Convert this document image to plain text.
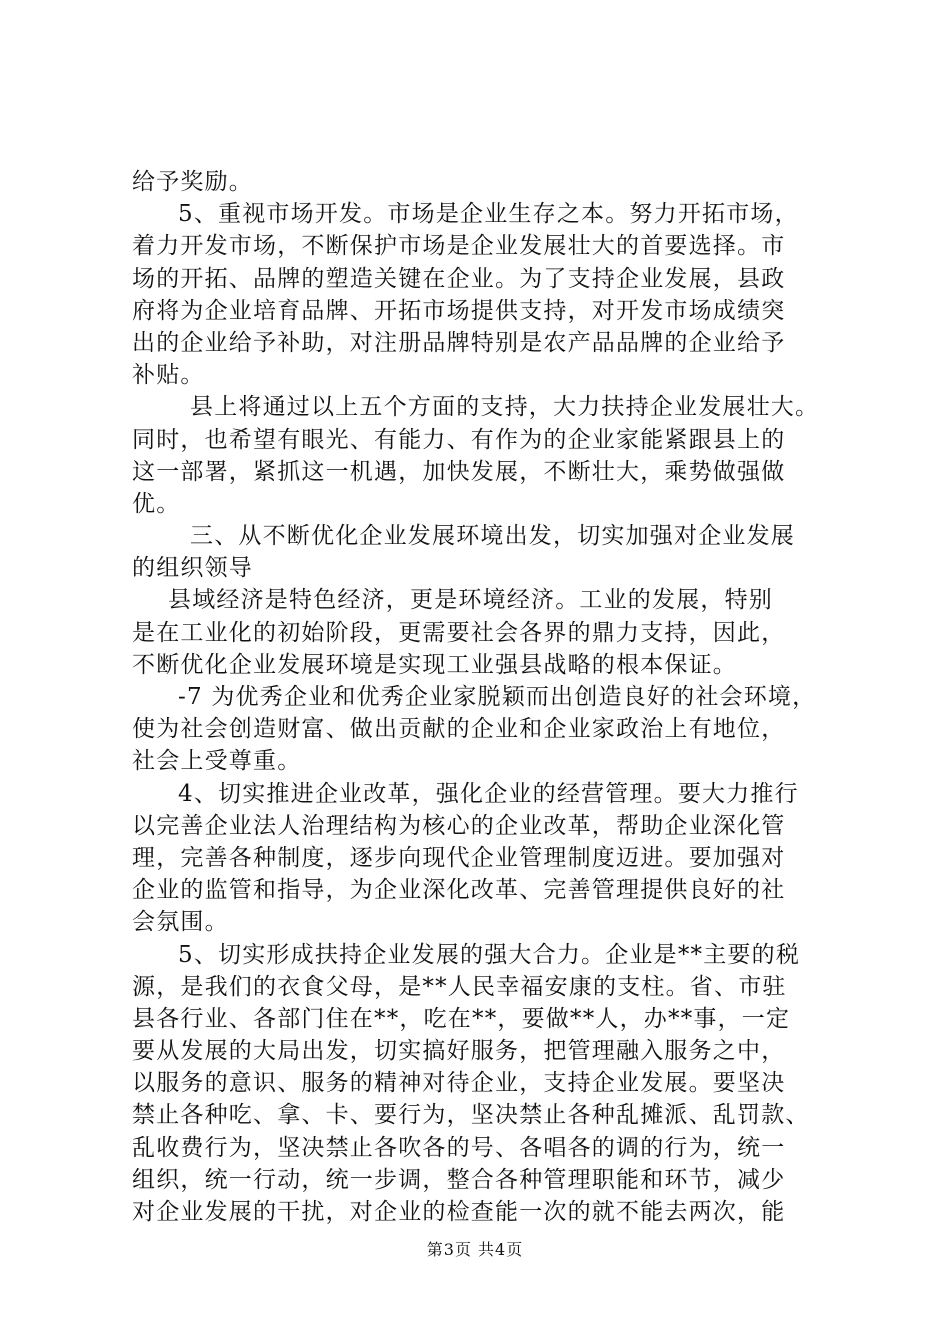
给予奖励。
5、重视市场开发。市场是企业生存之本。努力开拓市场，
着力开发市场，不断保护市场是企业发展壮大的首要选择。市
场的开拓、品牌的塑造关键在企业。为了支持企业发展，县政
府将为企业培育品牌、开拓市场提供支持，对开发市场成绩突
出的企业给予补助，对注册品牌特别是农产品品牌的企业给予
补贴。
县上将通过以上五个方面的支持，大力扶持企业发展壮大。
同时，也希望有眼光、有能力、有作为的企业家能紧跟县上的
这一部署，紧抓这一机遇，加快发展，不断壮大，乘势做强做
优。
三、从不断优化企业发展环境出发，切实加强对企业发展
的组织领导
县域经济是特色经济，更是环境经济。工业的发展，特别
是在工业化的初始阶段，更需要社会各界的鼎力支持，因此，
不断优化企业发展环境是实现工业强县战略的根本保证。
-7 为优秀企业和优秀企业家脱颖而出创造良好的社会环境，
使为社会创造财富、做出贡献的企业和企业家政治上有地位，
社会上受尊重。
4、切实推进企业改革，强化企业的经营管理。要大力推行
以完善企业法人治理结构为核心的企业改革，帮助企业深化管
理，完善各种制度，逐步向现代企业管理制度迈进。要加强对
企业的监管和指导，为企业深化改革、完善管理提供良好的社
会氛围。
5、切实形成扶持企业发展的强大合力。企业是**主要的税
源，是我们的衣食父母，是**人民幸福安康的支柱。省、市驻
县各行业、各部门住在**，吃在**，要做**人，办**事，一定
要从发展的大局出发，切实搞好服务，把管理融入服务之中，
以服务的意识、服务的精神对待企业，支持企业发展。要坚决
禁止各种吃、拿、卡、要行为，坚决禁止各种乱摊派、乱罚款、
乱收费行为，坚决禁止各吹各的号、各唱各的调的行为，统一
组织，统一行动，统一步调，整合各种管理职能和环节，减少
对企业发展的干扰，对企业的检查能一次的就不能去两次，能
第3页 共4页
